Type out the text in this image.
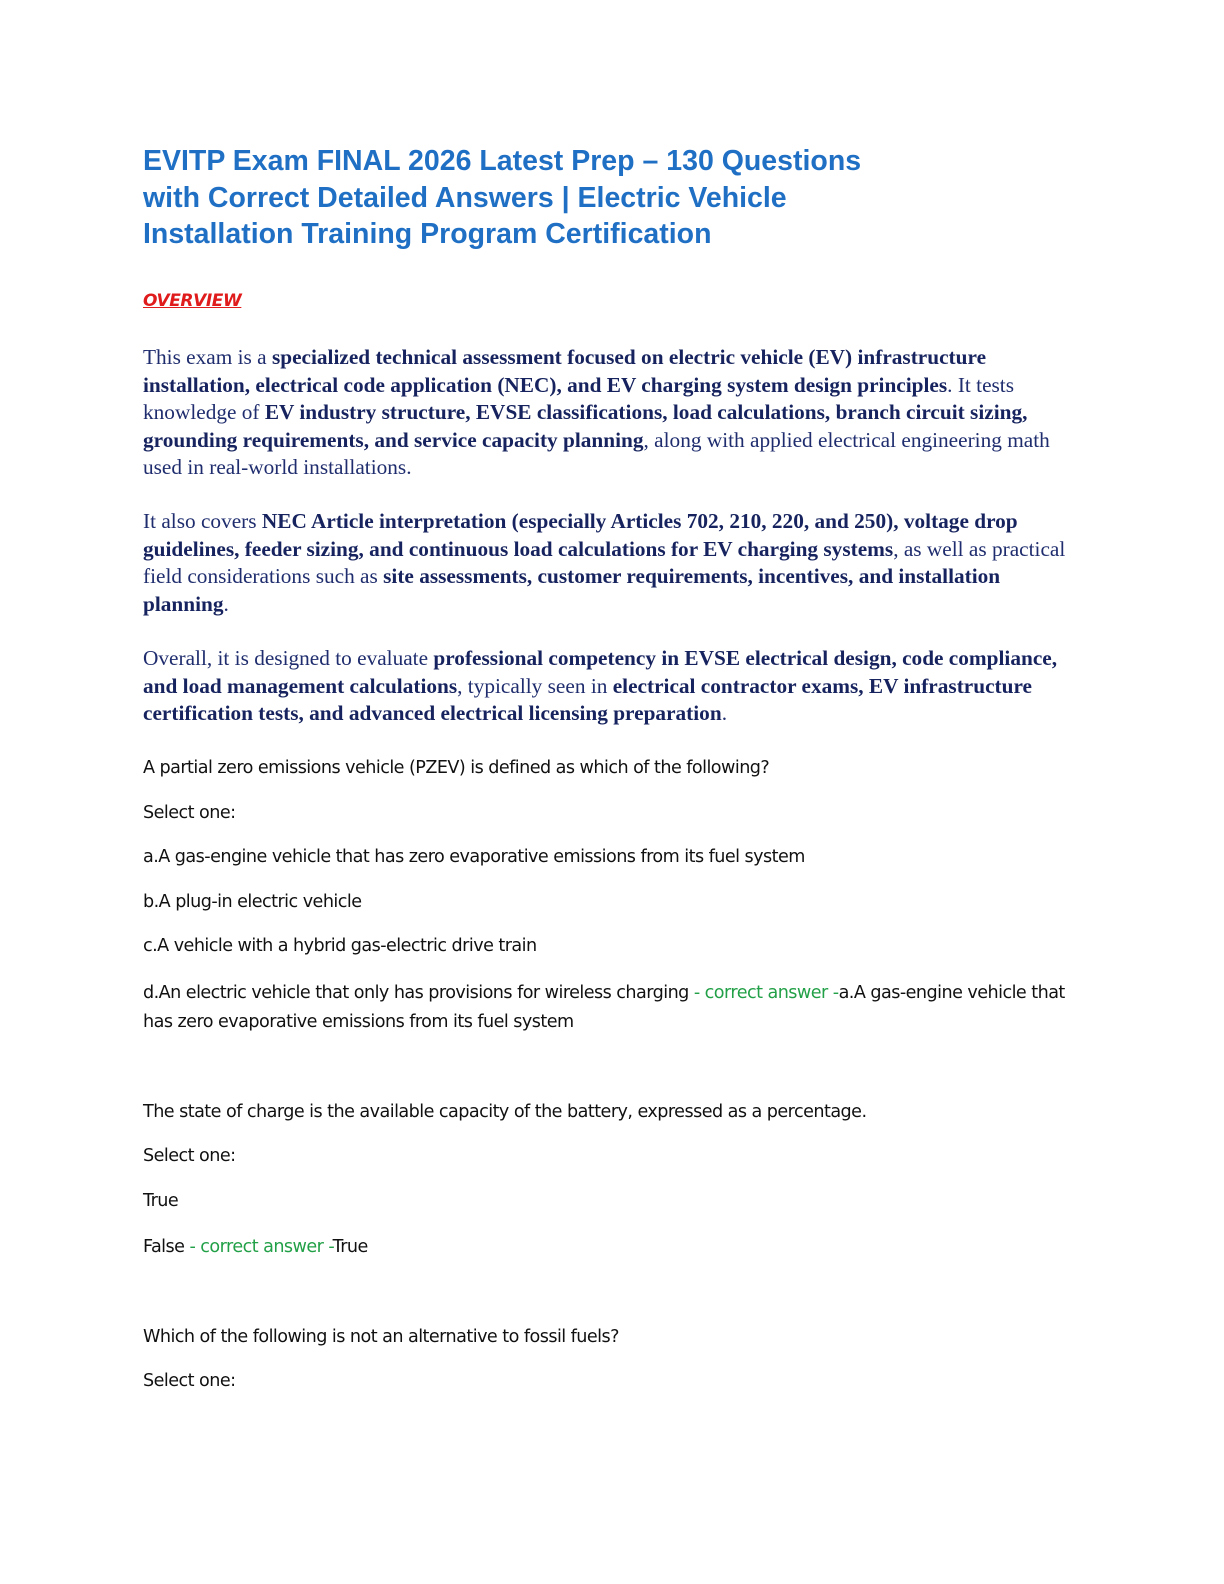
EVITP Exam FINAL 2026 Latest Prep – 130 Questions
with Correct Detailed Answers | Electric Vehicle
Installation Training Program Certification

OVERVIEW

This exam is a specialized technical assessment focused on electric vehicle (EV) infrastructure installation, electrical code application (NEC), and EV charging system design principles. It tests knowledge of EV industry structure, EVSE classifications, load calculations, branch circuit sizing, grounding requirements, and service capacity planning, along with applied electrical engineering math used in real-world installations.

It also covers NEC Article interpretation (especially Articles 702, 210, 220, and 250), voltage drop guidelines, feeder sizing, and continuous load calculations for EV charging systems, as well as practical field considerations such as site assessments, customer requirements, incentives, and installation planning.

Overall, it is designed to evaluate professional competency in EVSE electrical design, code compliance, and load management calculations, typically seen in electrical contractor exams, EV infrastructure certification tests, and advanced electrical licensing preparation.

A partial zero emissions vehicle (PZEV) is defined as which of the following?

Select one:

a.A gas-engine vehicle that has zero evaporative emissions from its fuel system

b.A plug-in electric vehicle

c.A vehicle with a hybrid gas-electric drive train

d.An electric vehicle that only has provisions for wireless charging - correct answer -a.A gas-engine vehicle that has zero evaporative emissions from its fuel system

The state of charge is the available capacity of the battery, expressed as a percentage.

Select one:

True

False - correct answer -True

Which of the following is not an alternative to fossil fuels?

Select one:
